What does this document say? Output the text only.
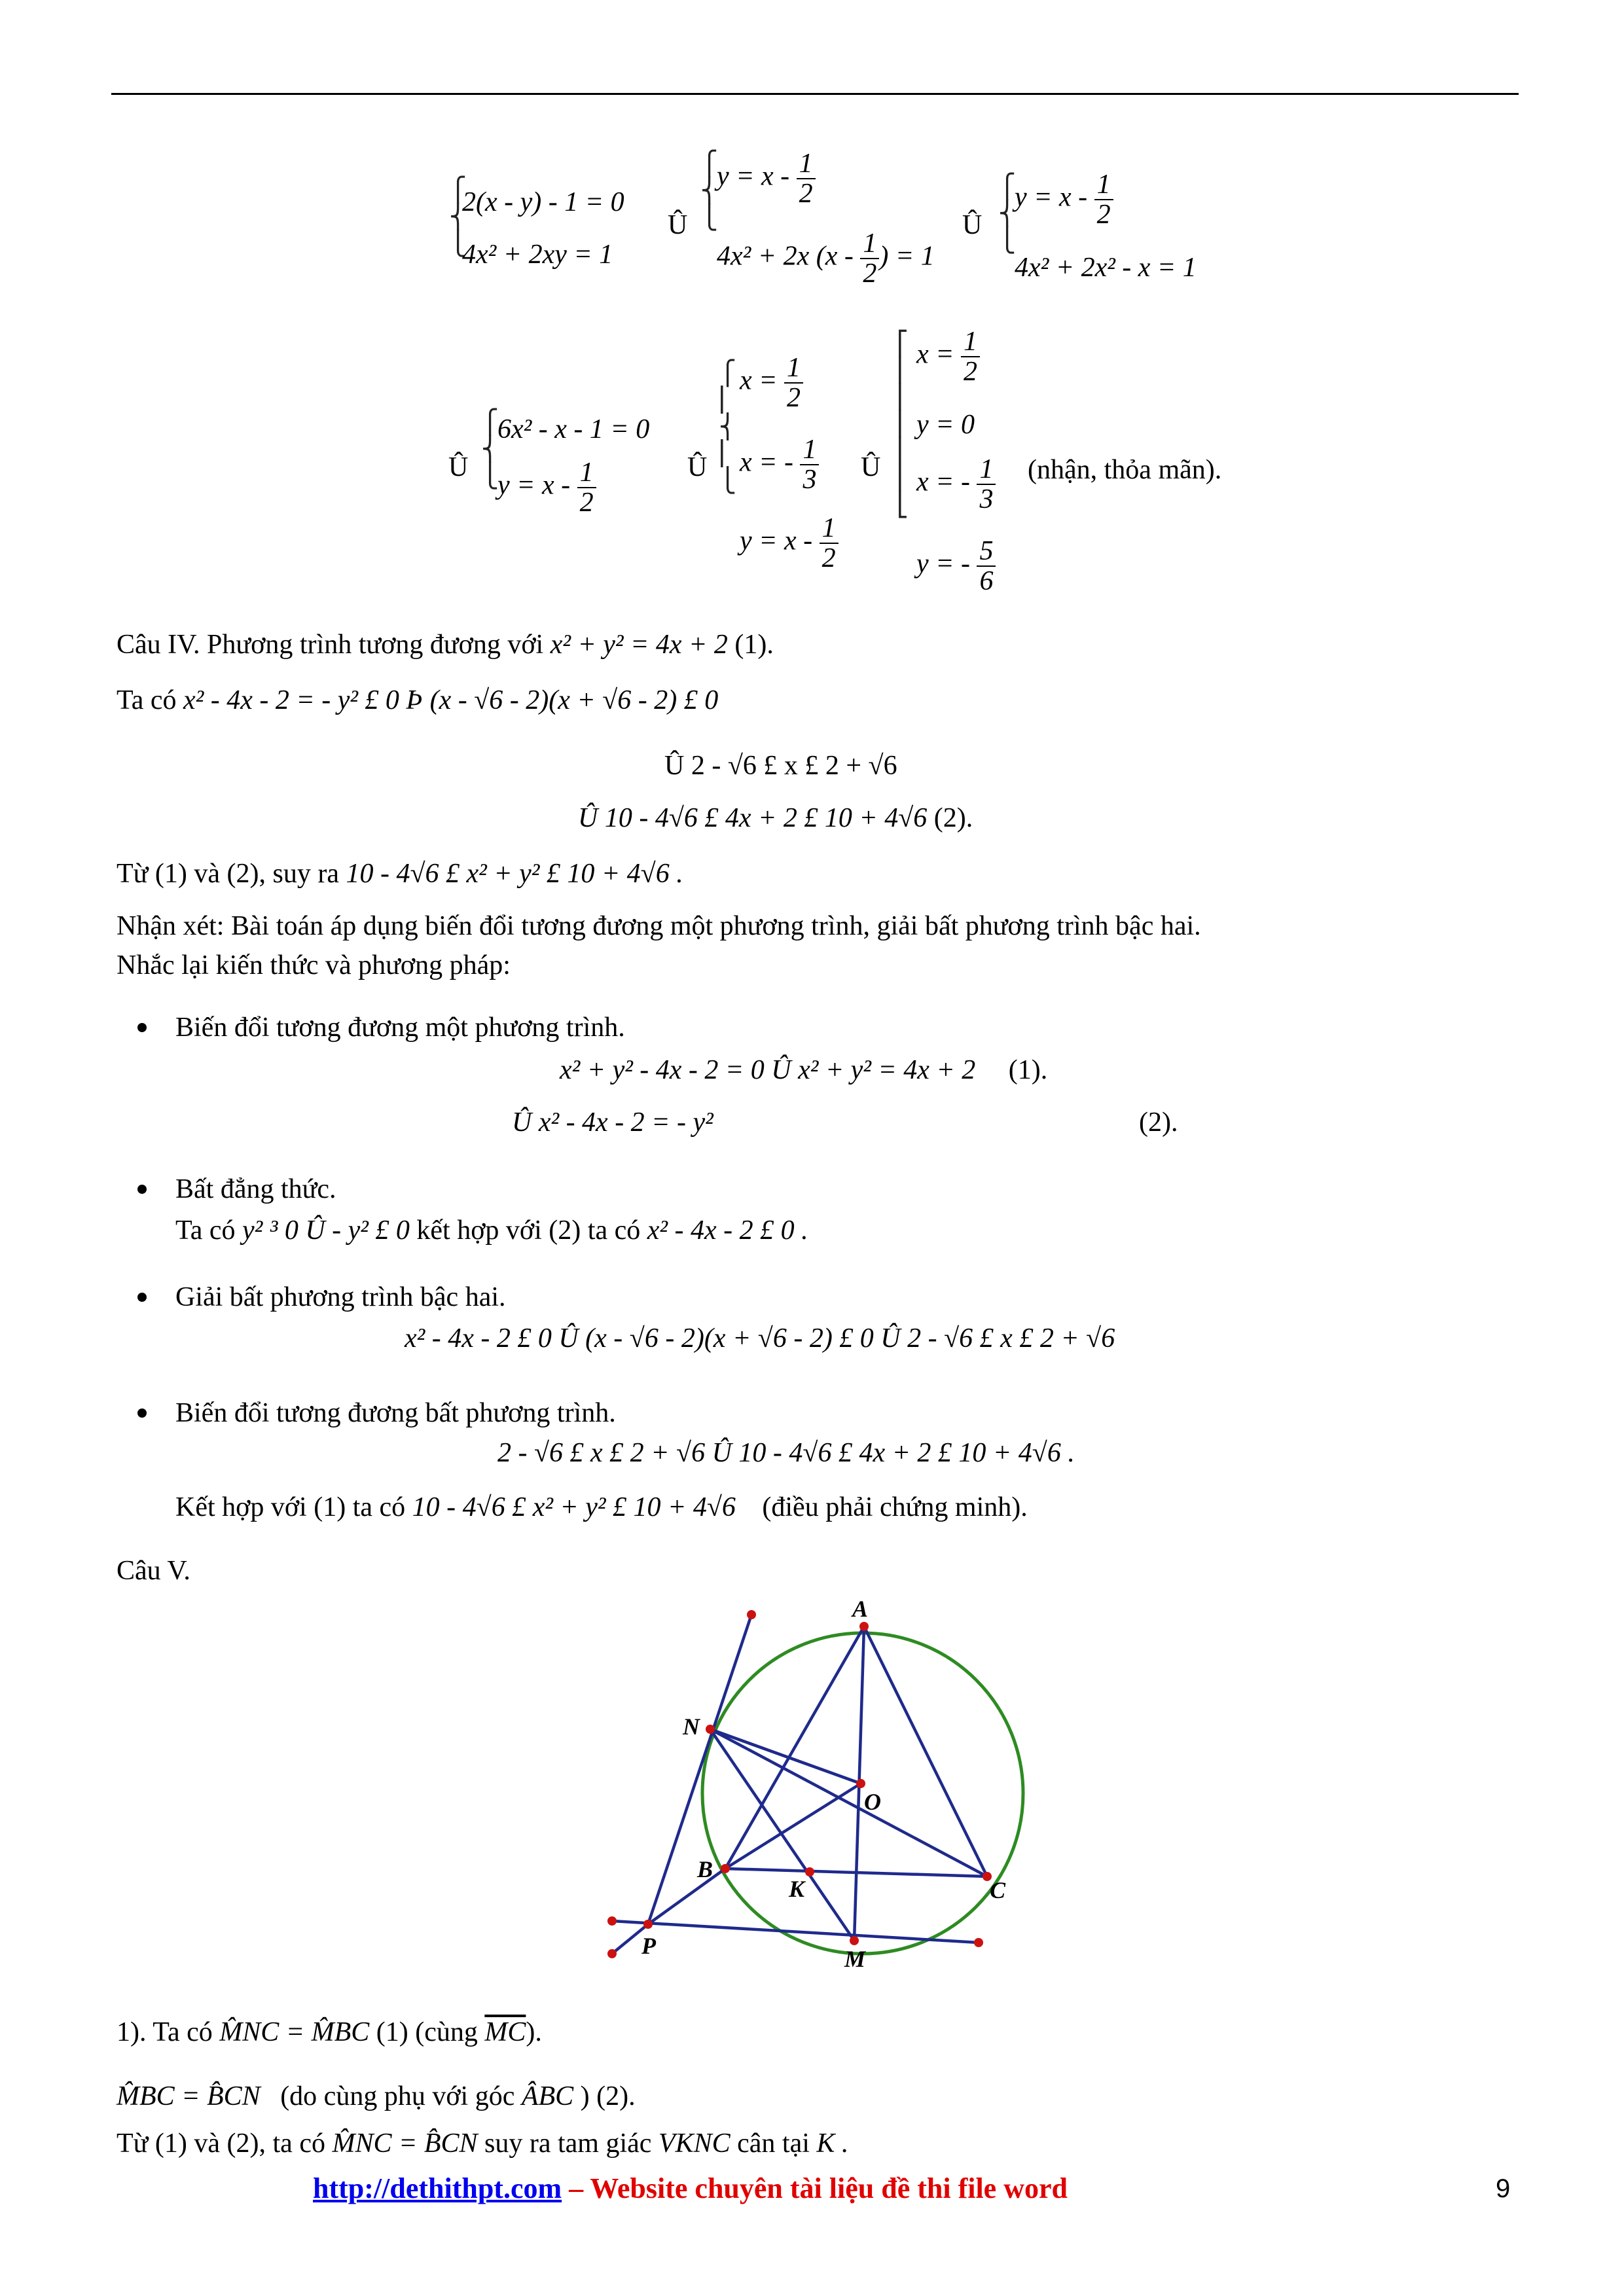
⎧
⎨
⎩
2(x - y) - 1 = 0
4x² + 2xy = 1
Û
⎧
⎨
⎩
$y = x - \frac{1}{2}$
4x² + 2x ($x - \frac{1}{2}$ ) = 1
Û
⎧
⎨
⎩
$y = x - \frac{1}{2}$
4x² + 2x² - x = 1
Û
⎧
⎨
⎩
6x² - x - 1 = 0
$y = x - \frac{1}{2}$	Û
⎧
⎢
⎨
⎢
⎩
$x = \frac{1}{2}$
x = - $\frac{1}{3}$
$y = x - \frac{1}{2}$
Û
⎡
⎢
⎢
⎢
⎢
⎢
⎣
$x = \frac{1}{2}$
y = 0
x = - $\frac{1}{3}$
y = - $\frac{5}{6}$
(nhận, thỏa mãn).
Câu IV. Phương trình tương đương với x² + y² = 4x + 2 (1).
Ta có x² - 4x - 2 = - y² £ 0 Þ (x - √6 - 2)(x + √6 - 2) £ 0
Û 2 - √6 £ x £ 2 + √6
Û 10 - 4√6 £ 4x + 2 £ 10 + 4√6 (2).
Từ (1) và (2), suy ra 10 - 4√6 £ x² + y² £ 10 + 4√6 .
Nhận xét: Bài toán áp dụng biến đổi tương đương một phương trình, giải bất phương trình bậc hai.
Nhắc lại kiến thức và phương pháp:
Biến đổi tương đương một phương trình.
x² + y² - 4x - 2 = 0 Û x² + y² = 4x + 2 (1).
Û x² - 4x - 2 = - y²	(2).
Bất đẳng thức.
Ta có y² ³ 0 Û - y² £ 0 kết hợp với (2) ta có x² - 4x - 2 £ 0 .
Giải bất phương trình bậc hai.
x² - 4x - 2 £ 0 Û (x - √6 - 2)(x + √6 - 2) £ 0 Û 2 - √6 £ x £ 2 + √6
Biến đổi tương đương bất phương trình.
2 - √6 £ x £ 2 + √6 Û 10 - 4√6 £ 4x + 2 £ 10 + 4√6 .
Kết hợp với (1) ta có 10 - 4√6 £ x² + y² £ 10 + 4√6 (điều phải chứng minh).
Câu V.
A
N
O
B
K	C
P	M
1). Ta có M̂NC = M̂BC (1) (cùng $\overline{MC}$).
M̂BC = B̂CN (do cùng phụ với góc ÂBC ) (2).
Từ (1) và (2), ta có M̂NC = B̂CN suy ra tam giác VKNC cân tại K .
http://dethithpt.com – Website chuyên tài liệu đề thi file word	9
